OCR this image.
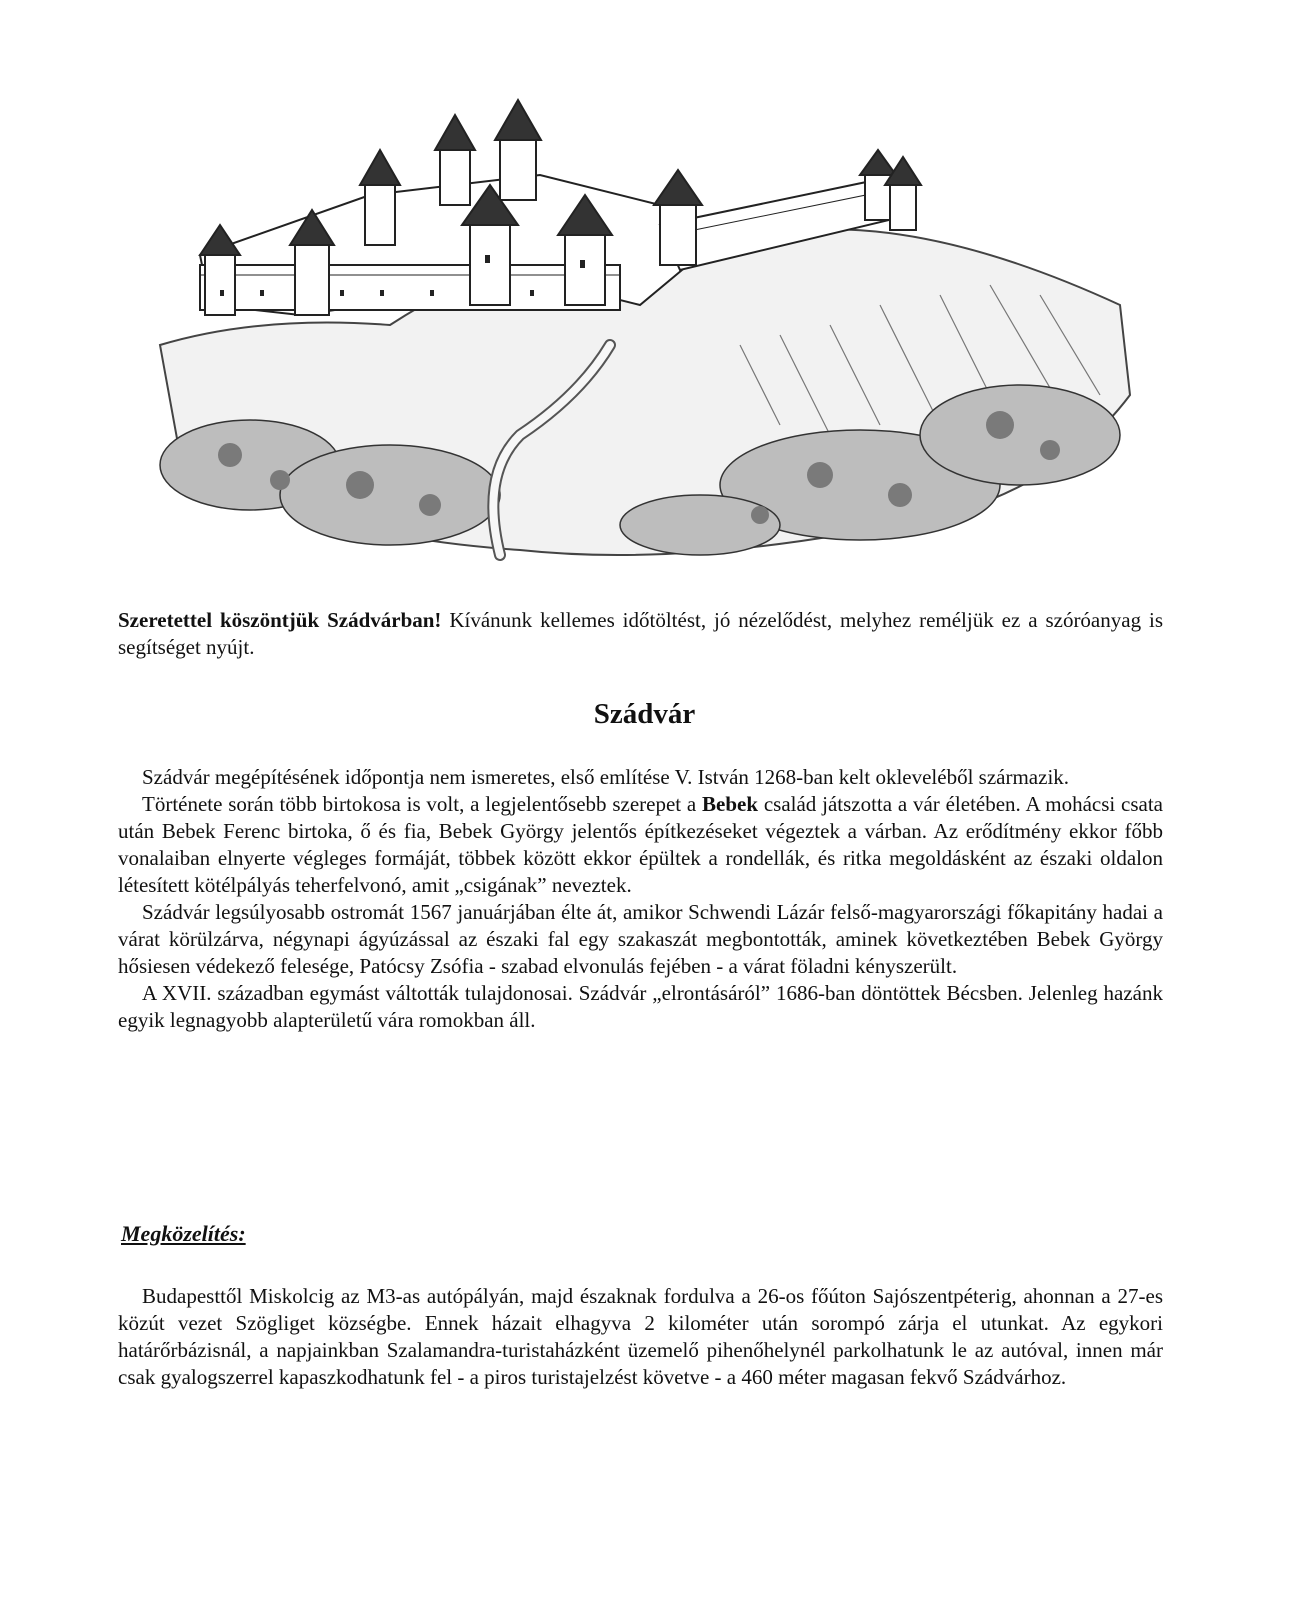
Szeretettel köszöntjük Szádvárban! Kívánunk kellemes időtöltést, jó nézelődést, melyhez reméljük ez a szóróanyag is segítséget nyújt.

Szádvár

Szádvár megépítésének időpontja nem ismeretes, első említése V. István 1268-ban kelt okleveléből származik.

Története során több birtokosa is volt, a legjelentősebb szerepet a Bebek család játszotta a vár életében. A mohácsi csata után Bebek Ferenc birtoka, ő és fia, Bebek György jelentős építkezéseket végeztek a várban. Az erődítmény ekkor főbb vonalaiban elnyerte végleges formáját, többek között ekkor épültek a rondellák, és ritka megoldásként az északi oldalon létesített kötélpályás teherfelvonó, amit „csigának” neveztek.

Szádvár legsúlyosabb ostromát 1567 januárjában élte át, amikor Schwendi Lázár felső-magyarországi főkapitány hadai a várat körülzárva, négynapi ágyúzással az északi fal egy szakaszát megbontották, aminek következtében Bebek György hősiesen védekező felesége, Patócsy Zsófia - szabad elvonulás fejében - a várat föladni kényszerült.

A XVII. században egymást váltották tulajdonosai. Szádvár „elrontásáról” 1686-ban döntöttek Bécsben. Jelenleg hazánk egyik legnagyobb alapterületű vára romokban áll.

Megközelítés:

Budapesttől Miskolcig az M3-as autópályán, majd északnak fordulva a 26-os főúton Sajószentpéterig, ahonnan a 27-es közút vezet Szögliget községbe. Ennek házait elhagyva 2 kilométer után sorompó zárja el utunkat. Az egykori határőrbázisnál, a napjainkban Szalamandra-turistaházként üzemelő pihenőhelynél parkolhatunk le az autóval, innen már csak gyalogszerrel kapaszkodhatunk fel - a piros turistajelzést követve - a 460 méter magasan fekvő Szádvárhoz.
